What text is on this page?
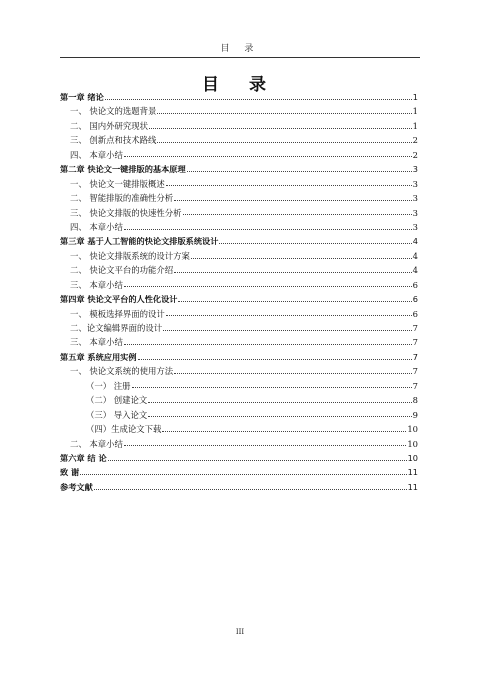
目 录
目 录
第一章 绪论	1
一、 快论文的选题背景	1
二、 国内外研究现状	1
三、 创新点和技术路线	2
四、 本章小结	2
第二章 快论文一键排版的基本原理	3
一、 快论文一键排版概述	3
二、 智能排版的准确性分析	3
三、 快论文排版的快速性分析	3
四、 本章小结	3
第三章 基于人工智能的快论文排版系统设计	4
一、 快论文排版系统的设计方案	4
二、 快论文平台的功能介绍	4
三、 本章小结	6
第四章 快论文平台的人性化设计	6
一、 模板选择界面的设计	6
二、论文编辑界面的设计	7
三、 本章小结	7
第五章 系统应用实例	7
一、 快论文系统的使用方法	7
（一） 注册	7
（二） 创建论文	8
（三） 导入论文	9
（四）生成论文下载	10
二、 本章小结	10
第六章 结 论	10
致 谢	11
参考文献	11
III
